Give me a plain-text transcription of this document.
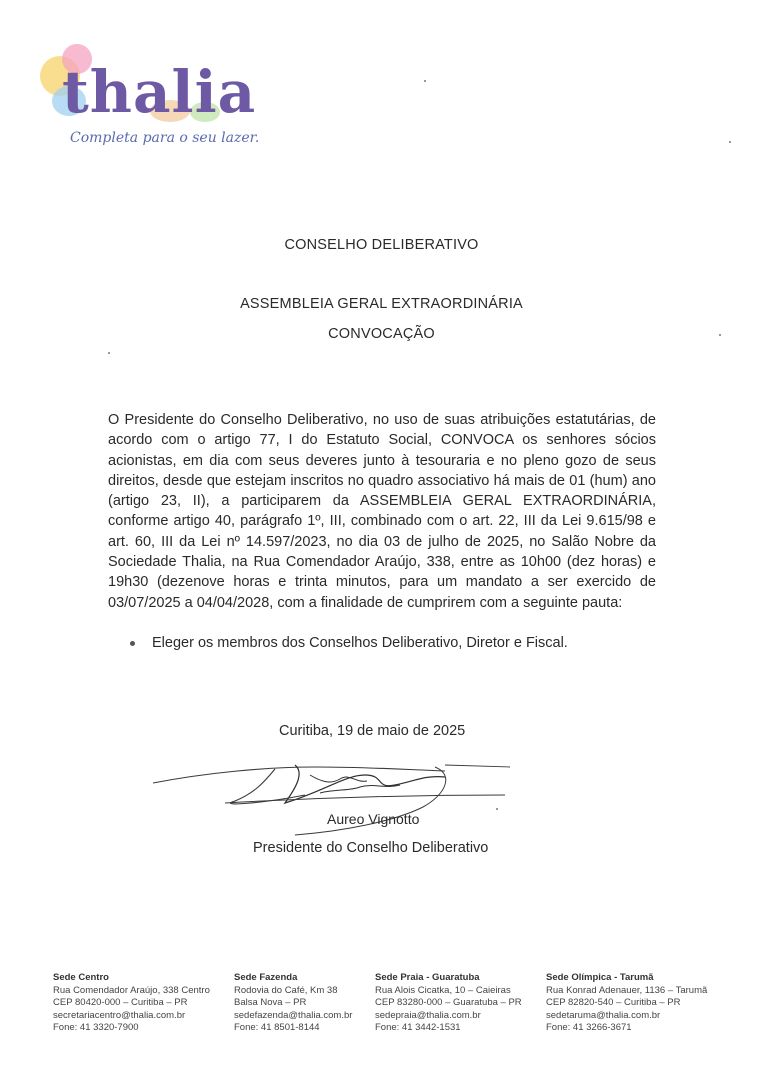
thalia
Completa para o seu lazer.
CONSELHO DELIBERATIVO
ASSEMBLEIA GERAL EXTRAORDINÁRIA
CONVOCAÇÃO
O Presidente do Conselho Deliberativo, no uso de suas atribuições estatutárias, de acordo com o artigo 77, I do Estatuto Social, CONVOCA os senhores sócios acionistas, em dia com seus deveres junto à tesouraria e no pleno gozo de seus direitos, desde que estejam inscritos no quadro associativo há mais de 01 (hum) ano (artigo 23, II), a participarem da ASSEMBLEIA GERAL EXTRAORDINÁRIA, conforme artigo 40, parágrafo 1º, III, combinado com o art. 22, III da Lei 9.615/98 e art. 60, III da Lei nº 14.597/2023, no dia 03 de julho de 2025, no Salão Nobre da Sociedade Thalia, na Rua Comendador Araújo, 338, entre as 10h00 (dez horas) e 19h30 (dezenove horas e trinta minutos, para um mandato a ser exercido de 03/07/2025 a 04/04/2028, com a finalidade de cumprirem com a seguinte pauta:
Eleger os membros dos Conselhos Deliberativo, Diretor e Fiscal.
Curitiba, 19 de maio de 2025
Aureo Vignotto
Presidente do Conselho Deliberativo
Sede Centro
Rua Comendador Araújo, 338 Centro
CEP 80420-000 – Curitiba – PR
secretariacentro@thalia.com.br
Fone: 41 3320-7900
Sede Fazenda
Rodovia do Café, Km 38
Balsa Nova – PR
sedefazenda@thalia.com.br
Fone: 41 8501-8144
Sede Praia - Guaratuba
Rua Alois Cicatka, 10 – Caieiras
CEP 83280-000 – Guaratuba – PR
sedepraia@thalia.com.br
Fone: 41 3442-1531
Sede Olímpica - Tarumã
Rua Konrad Adenauer, 1136 – Tarumã
CEP 82820-540 – Curitiba – PR
sedetaruma@thalia.com.br
Fone: 41 3266-3671
